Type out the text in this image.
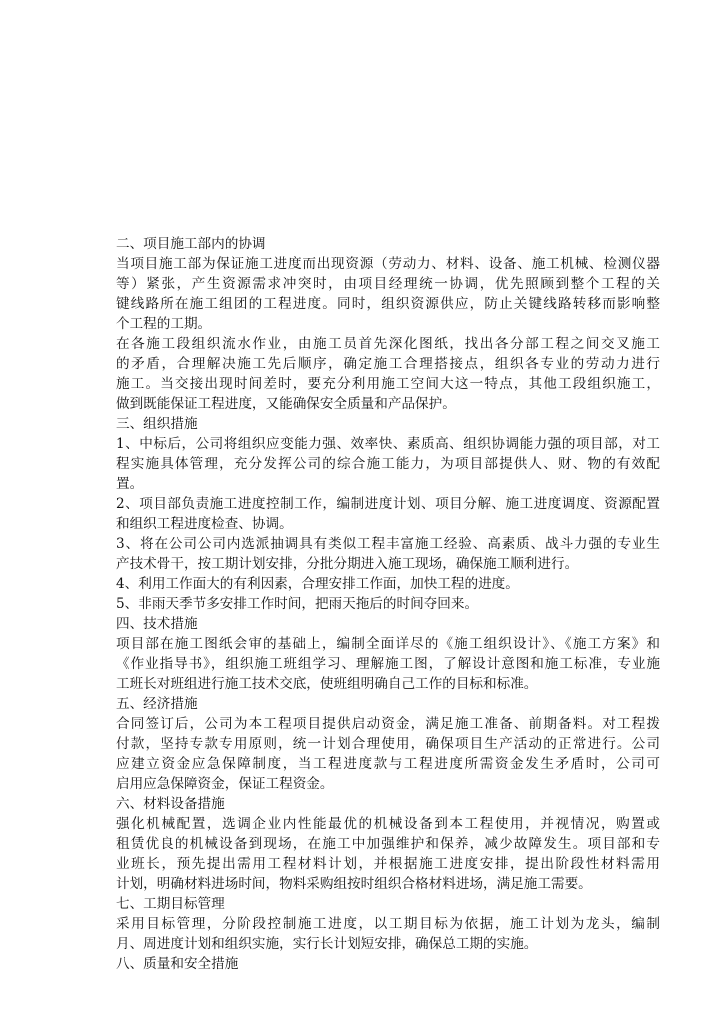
二、项目施工部内的协调
当项目施工部为保证施工进度而出现资源（劳动力、材料、设备、施工机械、检测仪器
等）紧张，产生资源需求冲突时，由项目经理统一协调，优先照顾到整个工程的关
键线路所在施工组团的工程进度。同时，组织资源供应，防止关键线路转移而影响整
个工程的工期。
在各施工段组织流水作业，由施工员首先深化图纸，找出各分部工程之间交叉施工
的矛盾，合理解决施工先后顺序，确定施工合理搭接点，组织各专业的劳动力进行
施工。当交接出现时间差时，要充分利用施工空间大这一特点，其他工段组织施工，
做到既能保证工程进度，又能确保安全质量和产品保护。
三、组织措施
1、中标后，公司将组织应变能力强、效率快、素质高、组织协调能力强的项目部，对工
程实施具体管理，充分发挥公司的综合施工能力，为项目部提供人、财、物的有效配
置。
2、项目部负责施工进度控制工作，编制进度计划、项目分解、施工进度调度、资源配置
和组织工程进度检查、协调。
3、将在公司公司内选派抽调具有类似工程丰富施工经验、高素质、战斗力强的专业生
产技术骨干，按工期计划安排，分批分期进入施工现场，确保施工顺利进行。
4、利用工作面大的有利因素，合理安排工作面，加快工程的进度。
5、非雨天季节多安排工作时间，把雨天拖后的时间夺回来。
四、技术措施
项目部在施工图纸会审的基础上，编制全面详尽的《施工组织设计》、《施工方案》和
《作业指导书》，组织施工班组学习、理解施工图，了解设计意图和施工标准，专业施
工班长对班组进行施工技术交底，使班组明确自己工作的目标和标准。
五、经济措施
合同签订后，公司为本工程项目提供启动资金，满足施工准备、前期备料。对工程拨
付款，坚持专款专用原则，统一计划合理使用，确保项目生产活动的正常进行。公司
应建立资金应急保障制度，当工程进度款与工程进度所需资金发生矛盾时，公司可
启用应急保障资金，保证工程资金。
六、材料设备措施
强化机械配置，选调企业内性能最优的机械设备到本工程使用，并视情况，购置或
租赁优良的机械设备到现场，在施工中加强维护和保养，减少故障发生。项目部和专
业班长，预先提出需用工程材料计划，并根据施工进度安排，提出阶段性材料需用
计划，明确材料进场时间，物料采购组按时组织合格材料进场，满足施工需要。
七、工期目标管理
采用目标管理，分阶段控制施工进度，以工期目标为依据，施工计划为龙头，编制
月、周进度计划和组织实施，实行长计划短安排，确保总工期的实施。
八、质量和安全措施
